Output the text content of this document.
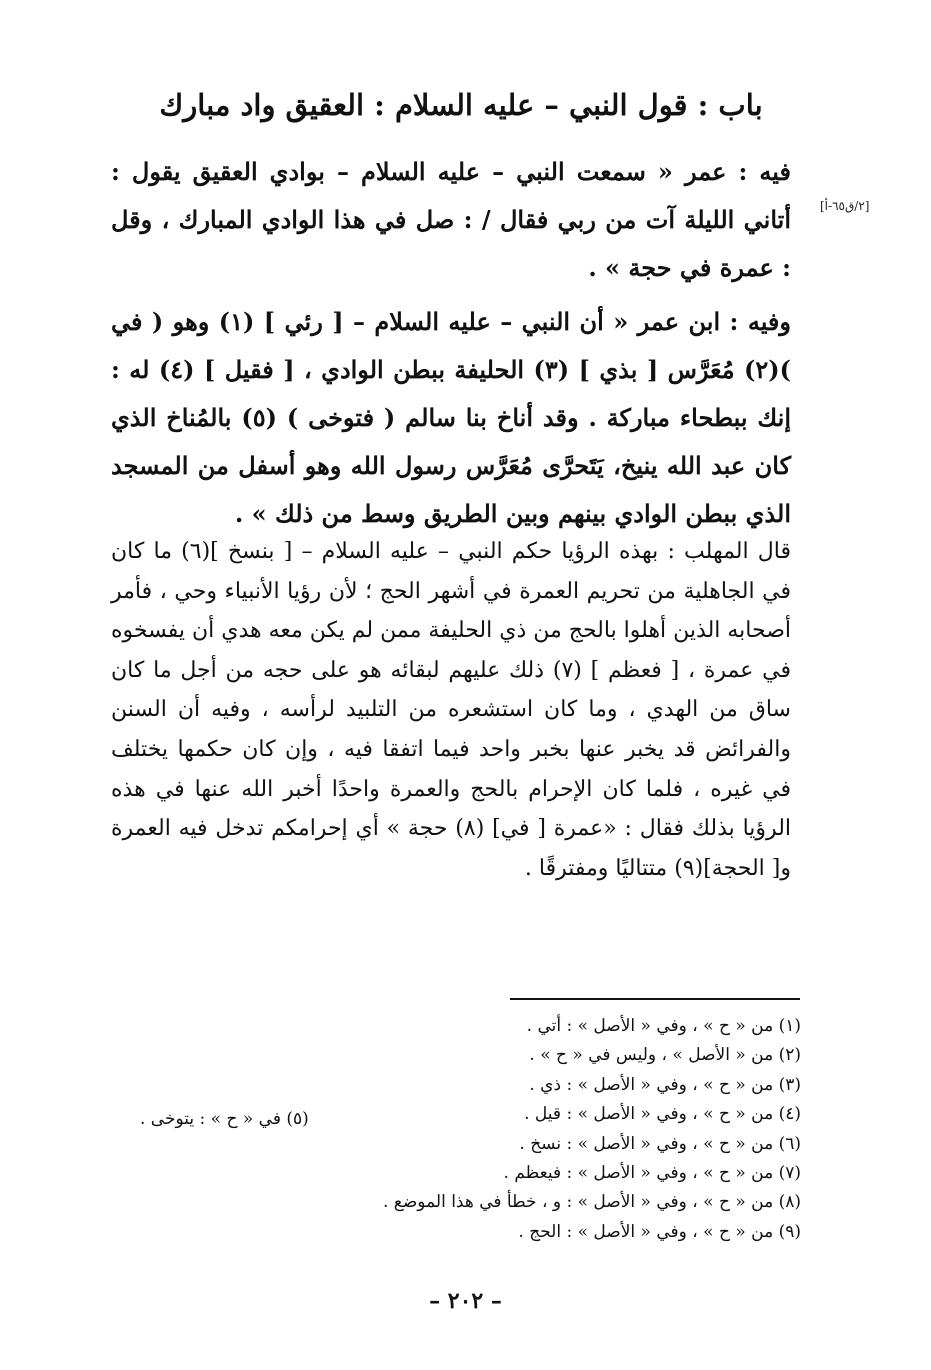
باب : قول النبي – عليه السلام : العقيق واد مبارك

فيه : عمر « سمعت النبي – عليه السلام – بوادي العقيق يقول : أتاني الليلة آت من ربي فقال / : صل في هذا الوادي المبارك ، وقل : عمرة في حجة » .

[٢/ق٦٥-أ]

وفيه : ابن عمر « أن النبي – عليه السلام – [ رئي ] (١) وهو ( في )(٢) مُعَرَّس [ بذي ] (٣) الحليفة ببطن الوادي ، [ فقيل ] (٤) له : إنك ببطحاء مباركة . وقد أناخ بنا سالم ( فتوخى ) (٥) بالمُناخ الذي كان عبد الله ينيخ، يَتَحرَّى مُعَرَّس رسول الله وهو أسفل من المسجد الذي ببطن الوادي بينهم وبين الطريق وسط من ذلك » .

قال المهلب : بهذه الرؤيا حكم النبي – عليه السلام – [ بنسخ ](٦) ما كان في الجاهلية من تحريم العمرة في أشهر الحج ؛ لأن رؤيا الأنبياء وحي ، فأمر أصحابه الذين أهلوا بالحج من ذي الحليفة ممن لم يكن معه هدي أن يفسخوه في عمرة ، [ فعظم ] (٧) ذلك عليهم لبقائه هو على حجه من أجل ما كان ساق من الهدي ، وما كان استشعره من التلبيد لرأسه ، وفيه أن السنن والفرائض قد يخبر عنها بخبر واحد فيما اتفقا فيه ، وإن كان حكمها يختلف في غيره ، فلما كان الإحرام بالحج والعمرة واحدًا أخبر الله عنها في هذه الرؤيا بذلك فقال : «عمرة [ في] (٨) حجة » أي إحرامكم تدخل فيه العمرة و[ الحجة](٩) متتاليًا ومفترقًا .

(١) من « ح » ، وفي « الأصل » : أتي .
(٢) من « الأصل » ، وليس في « ح » .
(٣) من « ح » ، وفي « الأصل » : ذي .
(٤) من « ح » ، وفي « الأصل » : قيل .
(٦) من « ح » ، وفي « الأصل » : نسخ .
(٧) من « ح » ، وفي « الأصل » : فيعظم .
(٨) من « ح » ، وفي « الأصل » : و ، خطأ في هذا الموضع .
(٩) من « ح » ، وفي « الأصل » : الحج .
(٥) في « ح » : يتوخى .
– ٢٠٢ –
